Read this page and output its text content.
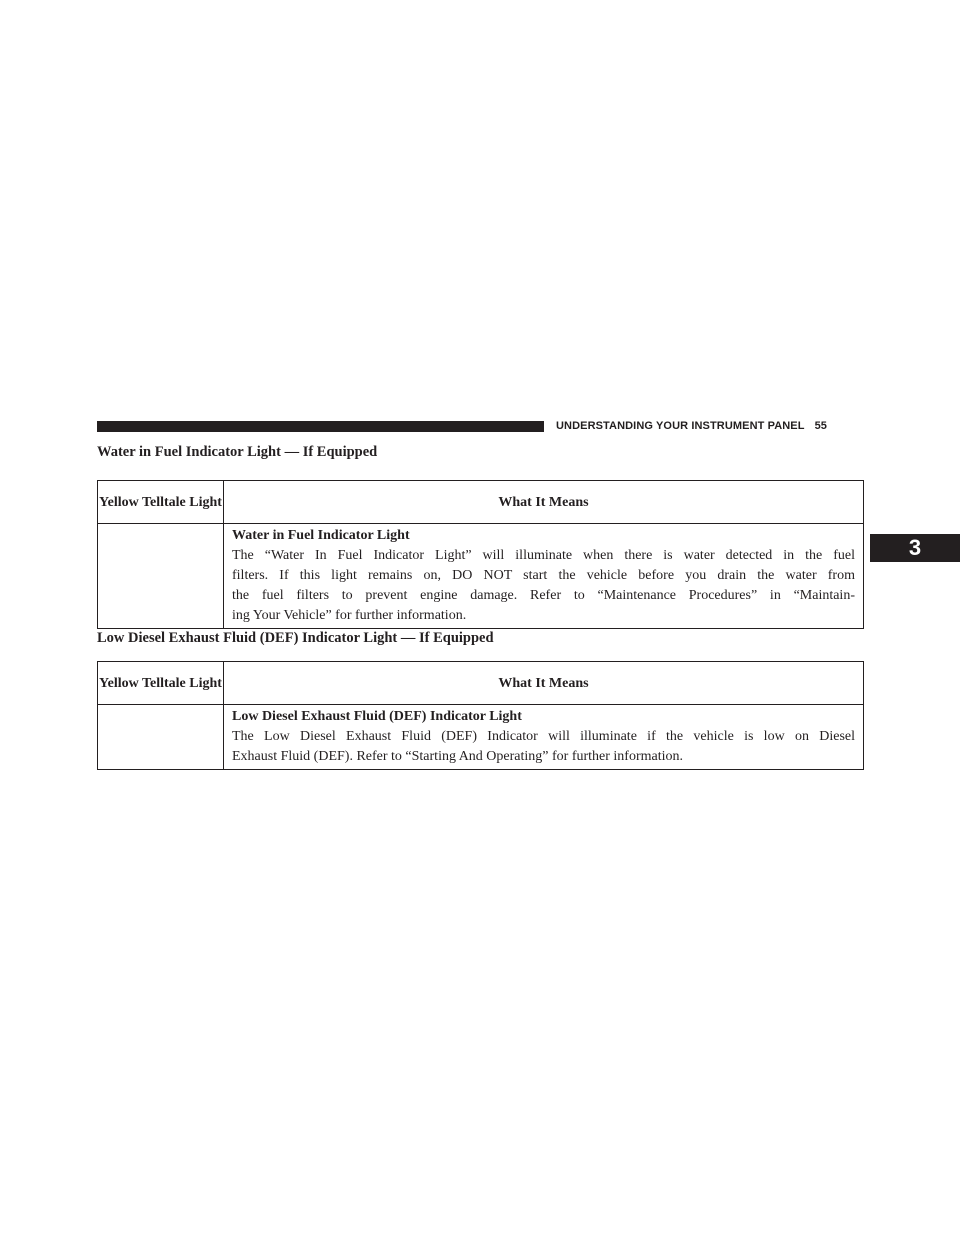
UNDERSTANDING YOUR INSTRUMENT PANEL 55
3
Water in Fuel Indicator Light — If Equipped
Yellow Telltale Light	What It Means

	Water in Fuel Indicator Light
The “Water In Fuel Indicator Light” will illuminate when there is water detected in the fuel
filters. If this light remains on, DO NOT start the vehicle before you drain the water from
the fuel filters to prevent engine damage. Refer to “Maintenance Procedures” in “Maintain-
ing Your Vehicle” for further information.
Low Diesel Exhaust Fluid (DEF) Indicator Light — If Equipped
Yellow Telltale Light	What It Means

	Low Diesel Exhaust Fluid (DEF) Indicator Light
The Low Diesel Exhaust Fluid (DEF) Indicator will illuminate if the vehicle is low on Diesel
Exhaust Fluid (DEF). Refer to “Starting And Operating” for further information.
